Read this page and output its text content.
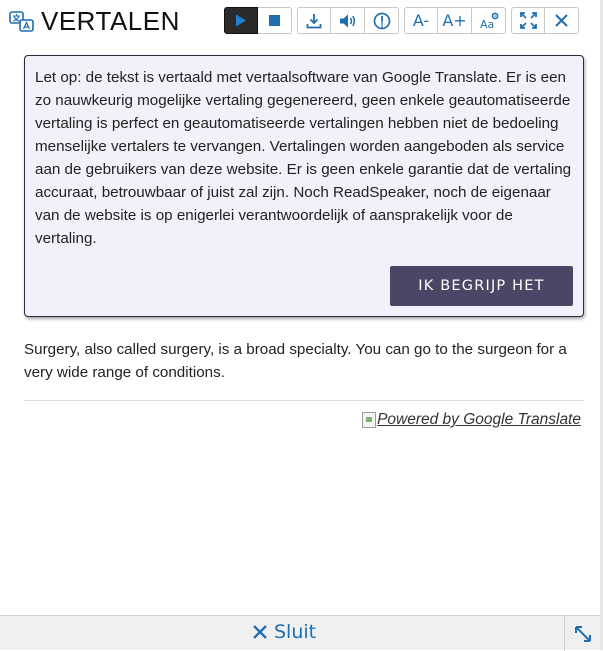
VERTALEN	A- A+ Aa
Let op: de tekst is vertaald met vertaalsoftware van Google Translate. Er is een zo nauwkeurig mogelijke vertaling gegenereerd, geen enkele geautomatiseerde vertaling is perfect en geautomatiseerde vertalingen hebben niet de bedoeling menselijke vertalers te vervangen. Vertalingen worden aangeboden als service aan de gebruikers van deze website. Er is geen enkele garantie dat de vertaling accuraat, betrouwbaar of juist zal zijn. Noch ReadSpeaker, noch de eigenaar van de website is op enigerlei verantwoordelijk of aansprakelijk voor de vertaling.
IK BEGRIJP HET
Surgery, also called surgery, is a broad specialty. You can go to the surgeon for a very wide range of conditions.
Powered by Google Translate
Sluit
